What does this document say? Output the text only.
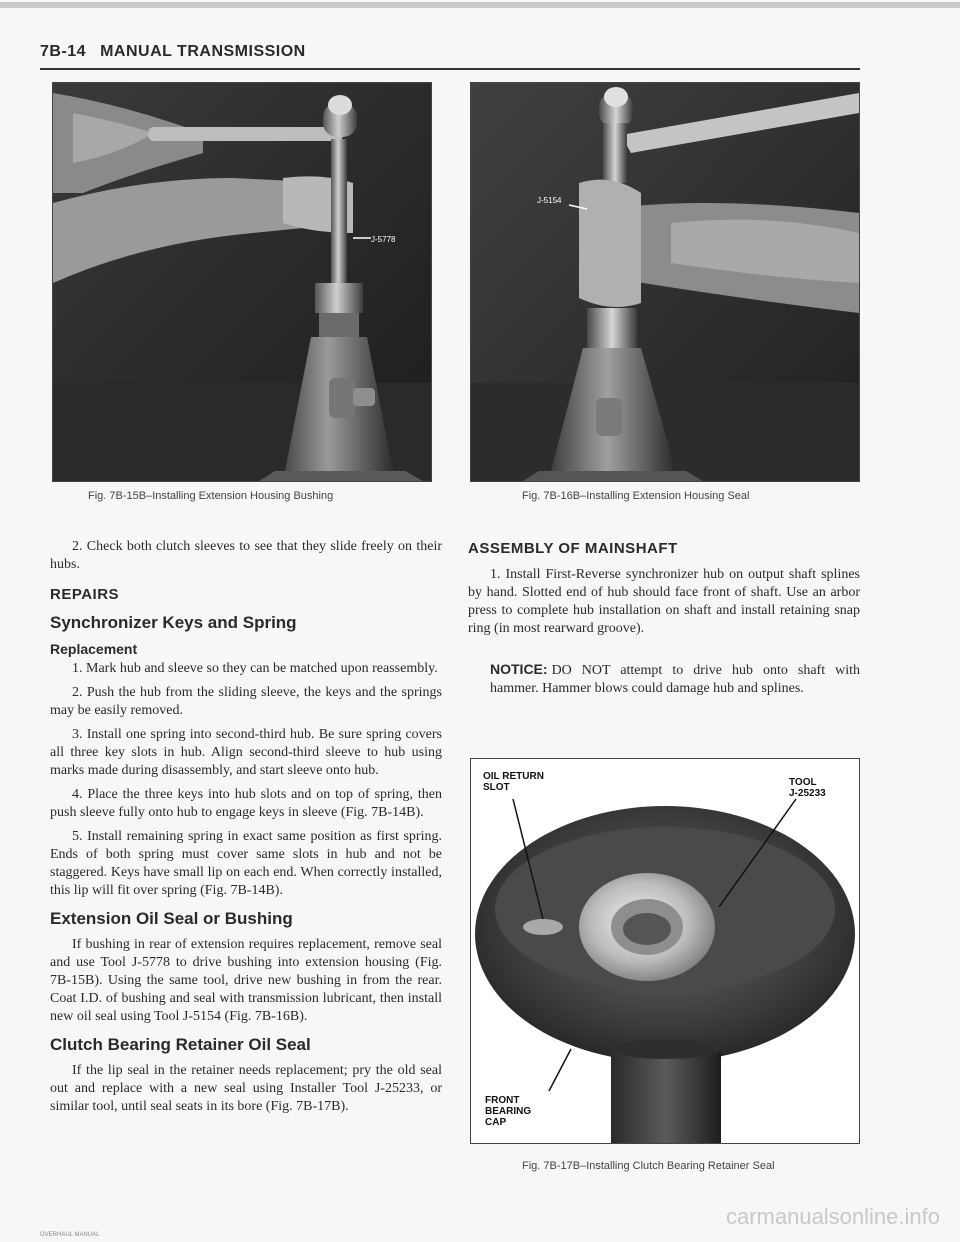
7B-14 MANUAL TRANSMISSION
J-5778
Fig. 7B-15B–Installing Extension Housing Bushing
J-5154
Fig. 7B-16B–Installing Extension Housing Seal

2. Check both clutch sleeves to see that they slide freely on their hubs.

REPAIRS
Synchronizer Keys and Spring
Replacement

1. Mark hub and sleeve so they can be matched upon reassembly.

2. Push the hub from the sliding sleeve, the keys and the springs may be easily removed.

3. Install one spring into second-third hub. Be sure spring covers all three key slots in hub. Align second-third sleeve to hub using marks made during disassembly, and start sleeve onto hub.

4. Place the three keys into hub slots and on top of spring, then push sleeve fully onto hub to engage keys in sleeve (Fig. 7B-14B).

5. Install remaining spring in exact same position as first spring. Ends of both spring must cover same slots in hub and not be staggered. Keys have small lip on each end. When correctly installed, this lip will fit over spring (Fig. 7B-14B).

Extension Oil Seal or Bushing

If bushing in rear of extension requires replacement, remove seal and use Tool J-5778 to drive bushing into extension housing (Fig. 7B-15B). Using the same tool, drive new bushing in from the rear. Coat I.D. of bushing and seal with transmission lubricant, then install new oil seal using Tool J-5154 (Fig. 7B-16B).

Clutch Bearing Retainer Oil Seal

If the lip seal in the retainer needs replacement; pry the old seal out and replace with a new seal using Installer Tool J-25233, or similar tool, until seal seats in its bore (Fig. 7B-17B).

ASSEMBLY OF MAINSHAFT

1. Install First-Reverse synchronizer hub on output shaft splines by hand. Slotted end of hub should face front of shaft. Use an arbor press to complete hub installation on shaft and install retaining snap ring (in most rearward groove).

NOTICE: DO NOT attempt to drive hub onto shaft with hammer. Hammer blows could damage hub and splines.
OIL RETURN
SLOT	TOOL
J-25233
FRONT
BEARING
CAP
Fig. 7B-17B–Installing Clutch Bearing Retainer Seal
OVERHAUL MANUAL
carmanualsonline.info
